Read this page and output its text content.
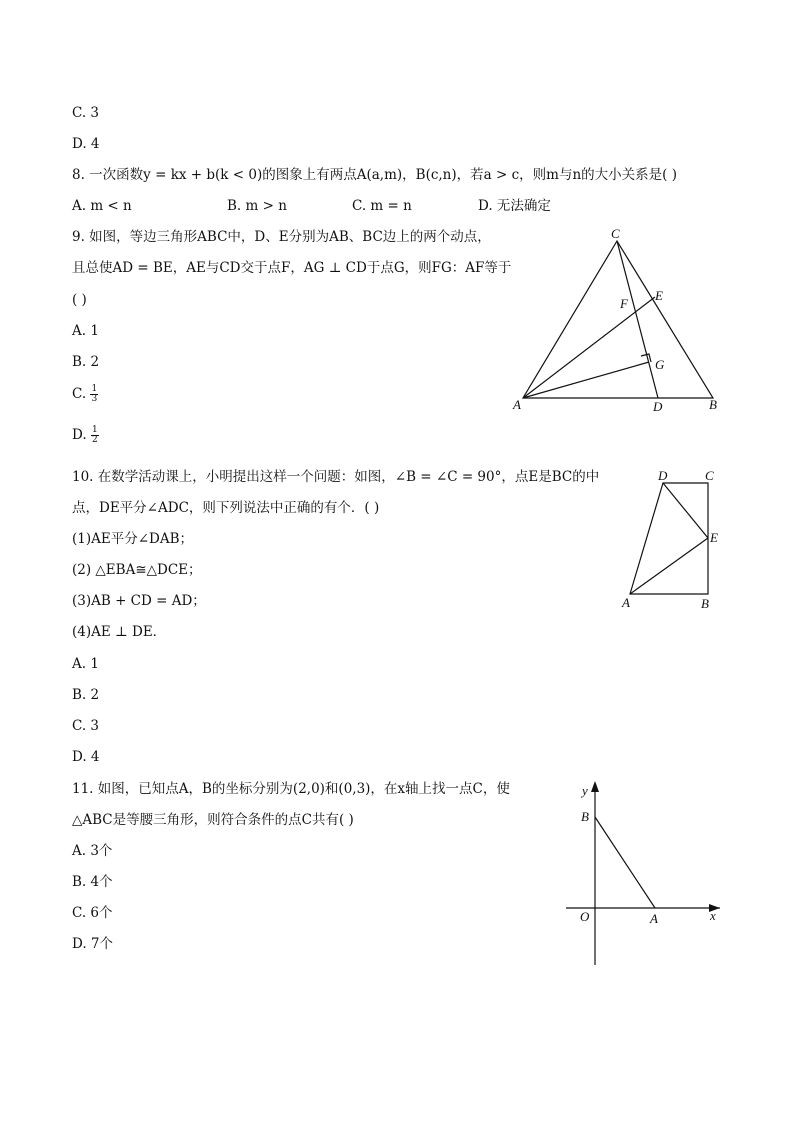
C. 3
D. 4
8. 一次函数y = kx + b(k < 0)的图象上有两点A(a,m)，B(c,n)，若a > c，则m与n的大小关系是( )
A. m < n	B. m > n	C. m = n	D. 无法确定
9. 如图，等边三角形ABC中，D、E分别为AB、BC边上的两个动点，
且总使AD = BE，AE与CD交于点F，AG ⊥ CD于点G，则FG：AF等于
( )
A. 1
B. 2
C. $\frac{1}{3}$
D. $\frac{1}{2}$
C
A	B
D
E
F
G
10. 在数学活动课上，小明提出这样一个问题：如图，∠B = ∠C = 90°，点E是BC的中
点，DE平分∠ADC，则下列说法中正确的有个．( )
(1)AE平分∠DAB；
(2) △EBA≅△DCE；
(3)AB + CD = AD；
(4)AE ⊥ DE．
A. 1
B. 2
C. 3
D. 4
D	C
E
A	B
11. 如图，已知点A，B的坐标分别为(2,0)和(0,3)，在x轴上找一点C，使
△ABC是等腰三角形，则符合条件的点C共有( )
A. 3个
B. 4个
C. 6个
D. 7个
y
x
O	A
B
